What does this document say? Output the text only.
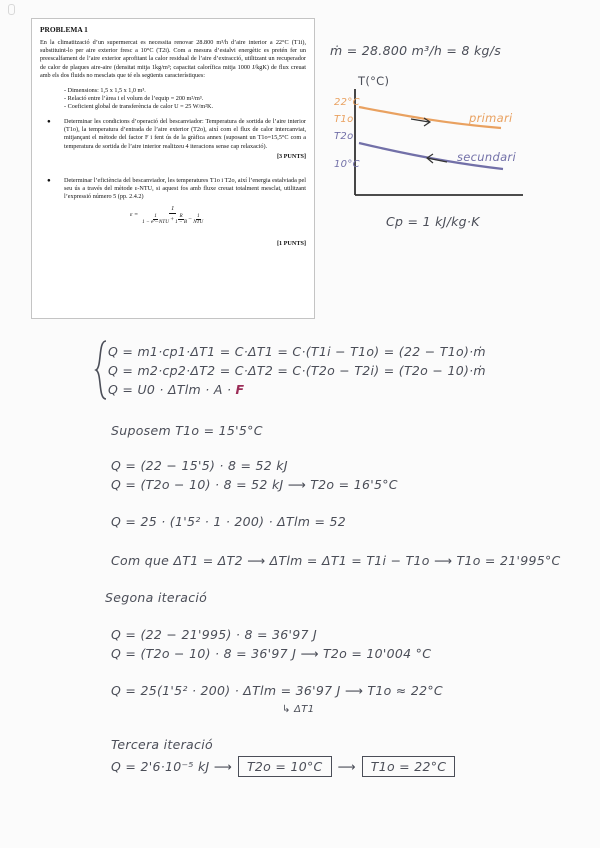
PROBLEMA 1

En la climatització d’un supermercat es necessita renovar 28.800 m³/h d’aire interior a 22°C (T1i), substituint-lo per aire exterior fresc a 10°C (T2i). Com a mesura d’estalvi energètic es pretén fer un preescalfament de l’aire exterior aprofitant la calor residual de l’aire d’extracció, utilitzant un recuperador de calor de plaques aire-aire (densitat mitja 1kg/m³; capacitat calorífica mitja 1000 J/kgK) de flux creuat amb els dos fluids no mesclats que té els següents característiques:

- Dimensions: 1,5 x 1,5 x 1,0 m³.
- Relació entre l’àrea i el volum de l’equip = 200 m²/m³.
- Coeficient global de transferència de calor U = 25 W/m²K.
● Determinar les condicions d’operació del bescanviador: Temperatura de sortida de l’aire interior (T1o), la temperatura d’entrada de l’aire exterior (T2o), així com el flux de calor intercanviat, mitjançant el mètode del factor F i fent ús de la gràfica annex (suposant un T1o=15,5°C com a temperatura de sortida de l’aire interior realitzeu 4 iteracions sense cap relaxació).
[3 PUNTS]
● Determinar l’eficiència del bescanviador, les temperatures T1o i T2o, així l’energia estalviada pel seu ús a través del mètode ε-NTU, si aquest fos amb fluxe creuat totalment mesclat, utilitzant l’expressió número 5 (pp. 2.4.2)
ε = 1
1
1 − e^−NTU + $\frac{R}{1 - B} - 1$
NTU
[1 PUNTS]
ṁ = 28.800 m³/h = 8 kg/s
T(°C)
22°C
T1o
T2o
10°C
primari
secundari
Cp = 1 kJ/kg·K
Q = m1·cp1·ΔT1 = C·ΔT1 = C·(T1i − T1o) = (22 − T1o)·ṁ
Q = m2·cp2·ΔT2 = C·ΔT2 = C·(T2o − T2i) = (T2o − 10)·ṁ
Q = U0 · ΔTlm · A · F
Suposem T1o = 15'5°C
Q = (22 − 15'5) · 8 = 52 kJ
Q = (T2o − 10) · 8 = 52 kJ ⟶ T2o = 16'5°C
Q = 25 · (1'5² · 1 · 200) · ΔTlm = 52
Com que ΔT1 = ΔT2 ⟶ ΔTlm = ΔT1 = T1i − T1o ⟶ T1o = 21'995°C
Segona iteració
Q = (22 − 21'995) · 8 = 36'97 J
Q = (T2o − 10) · 8 = 36'97 J ⟶ T2o = 10'004 °C
Q = 25(1'5² · 200) · ΔTlm = 36'97 J ⟶ T1o ≈ 22°C
↳ ΔT1
Tercera iteració
Q = 2'6·10⁻⁵ kJ ⟶	T2o = 10°C	⟶	T1o = 22°C
